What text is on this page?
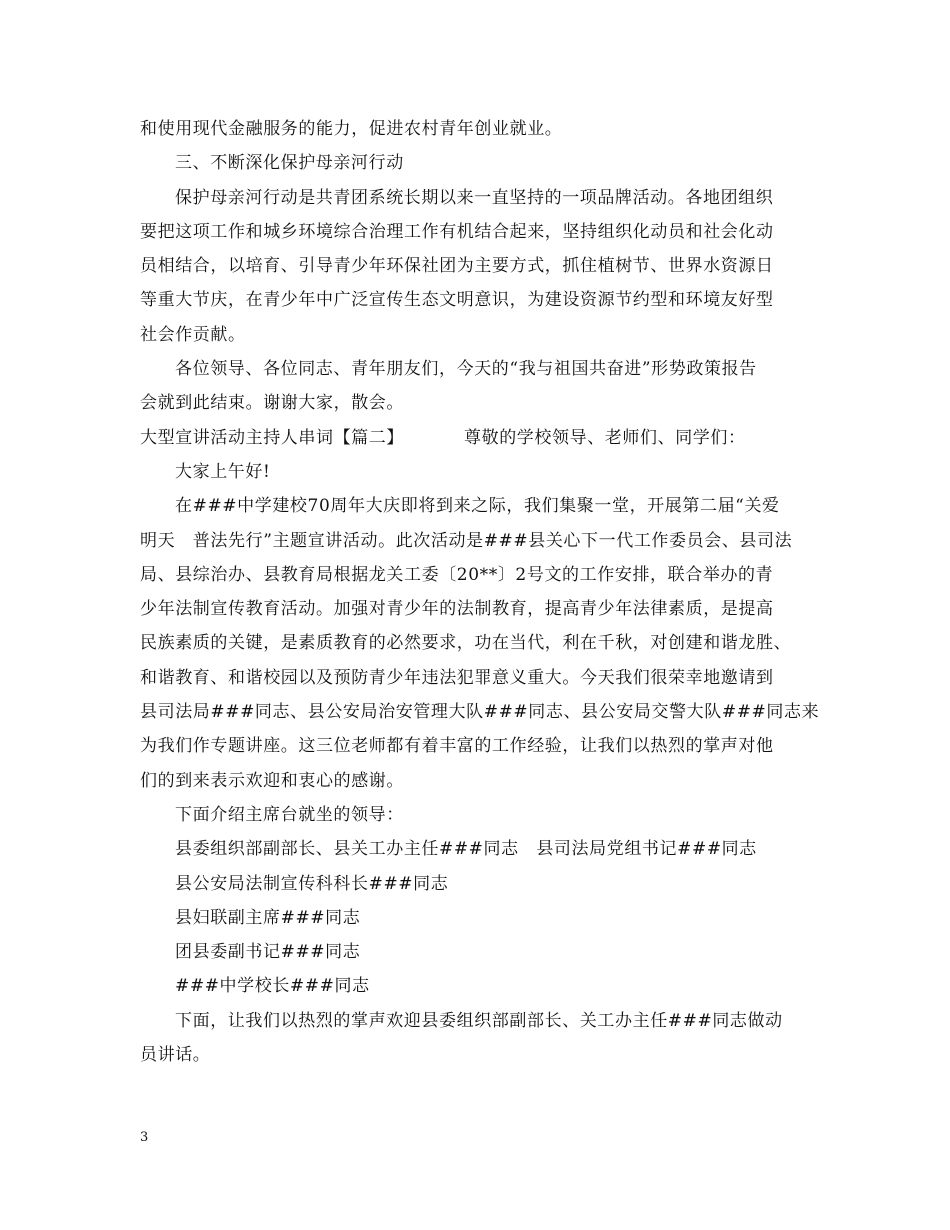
和使用现代金融服务的能力，促进农村青年创业就业。
三、不断深化保护母亲河行动
保护母亲河行动是共青团系统长期以来一直坚持的一项品牌活动。各地团组织
要把这项工作和城乡环境综合治理工作有机结合起来，坚持组织化动员和社会化动
员相结合，以培育、引导青少年环保社团为主要方式，抓住植树节、世界水资源日
等重大节庆，在青少年中广泛宣传生态文明意识，为建设资源节约型和环境友好型
社会作贡献。
各位领导、各位同志、青年朋友们，今天的“我与祖国共奋进”形势政策报告
会就到此结束。谢谢大家，散会。
大型宣讲活动主持人串词【篇二】	尊敬的学校领导、老师们、同学们：
大家上午好!
在###中学建校70周年大庆即将到来之际，我们集聚一堂，开展第二届“关爱
明天　普法先行”主题宣讲活动。此次活动是###县关心下一代工作委员会、县司法
局、县综治办、县教育局根据龙关工委〔20**〕2号文的工作安排，联合举办的青
少年法制宣传教育活动。加强对青少年的法制教育，提高青少年法律素质，是提高
民族素质的关键，是素质教育的必然要求，功在当代，利在千秋，对创建和谐龙胜、
和谐教育、和谐校园以及预防青少年违法犯罪意义重大。今天我们很荣幸地邀请到
县司法局###同志、县公安局治安管理大队###同志、县公安局交警大队###同志来
为我们作专题讲座。这三位老师都有着丰富的工作经验，让我们以热烈的掌声对他
们的到来表示欢迎和衷心的感谢。
下面介绍主席台就坐的领导：
县委组织部副部长、县关工办主任###同志　县司法局党组书记###同志
县公安局法制宣传科科长###同志
县妇联副主席###同志
团县委副书记###同志
###中学校长###同志
下面，让我们以热烈的掌声欢迎县委组织部副部长、关工办主任###同志做动
员讲话。
3
